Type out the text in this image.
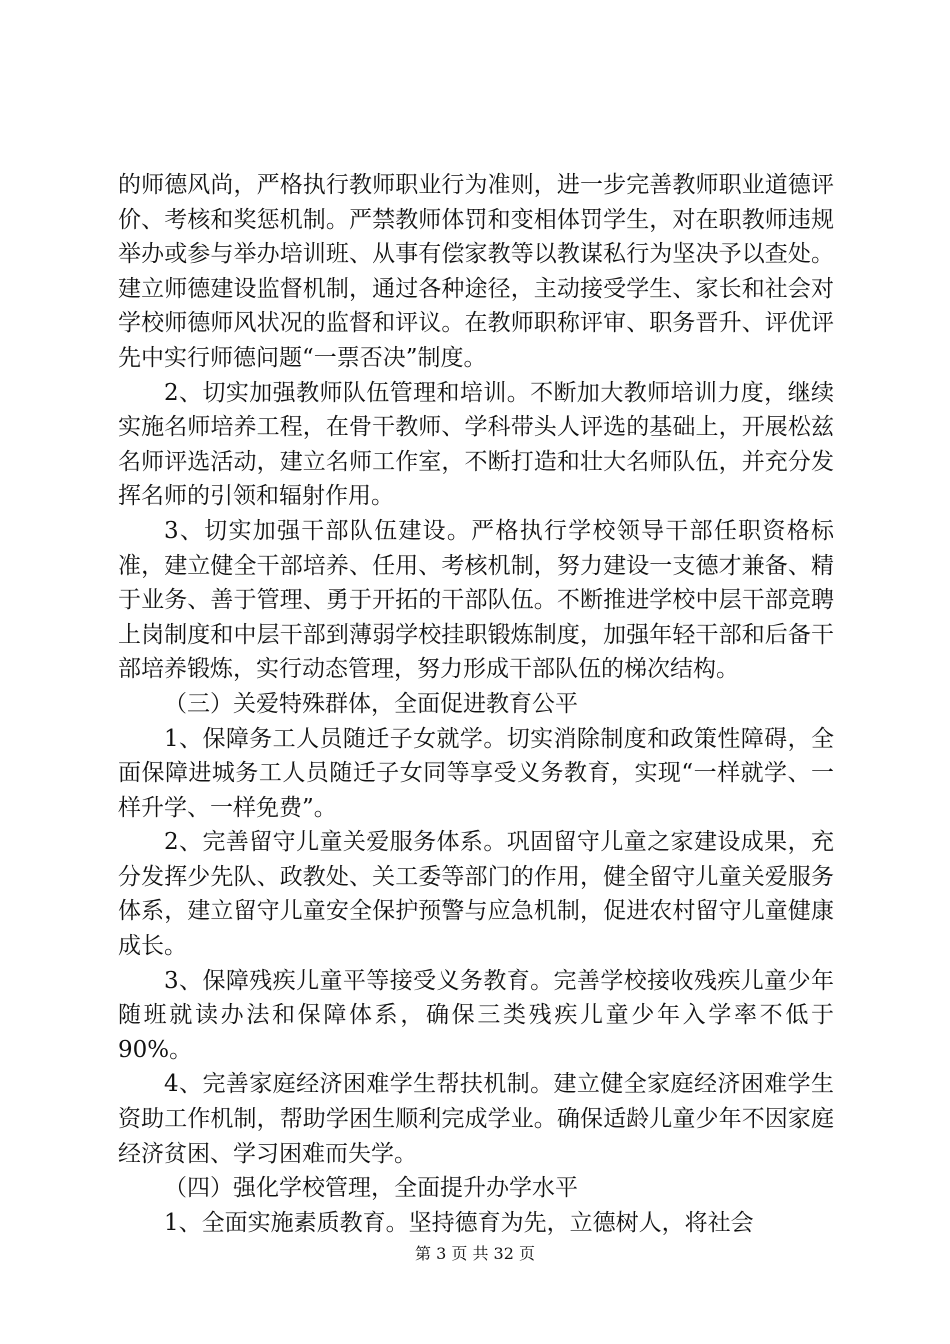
的师德风尚，严格执行教师职业行为准则，进一步完善教师职业道德评价、考核和奖惩机制。严禁教师体罚和变相体罚学生，对在职教师违规举办或参与举办培训班、从事有偿家教等以教谋私行为坚决予以查处。建立师德建设监督机制，通过各种途径，主动接受学生、家长和社会对学校师德师风状况的监督和评议。在教师职称评审、职务晋升、评优评先中实行师德问题“一票否决”制度。

2、切实加强教师队伍管理和培训。不断加大教师培训力度，继续实施名师培养工程，在骨干教师、学科带头人评选的基础上，开展松兹名师评选活动，建立名师工作室，不断打造和壮大名师队伍，并充分发挥名师的引领和辐射作用。

3、切实加强干部队伍建设。严格执行学校领导干部任职资格标准，建立健全干部培养、任用、考核机制，努力建设一支德才兼备、精于业务、善于管理、勇于开拓的干部队伍。不断推进学校中层干部竞聘上岗制度和中层干部到薄弱学校挂职锻炼制度，加强年轻干部和后备干部培养锻炼，实行动态管理，努力形成干部队伍的梯次结构。

（三）关爱特殊群体，全面促进教育公平

1、保障务工人员随迁子女就学。切实消除制度和政策性障碍，全面保障进城务工人员随迁子女同等享受义务教育，实现“一样就学、一样升学、一样免费”。

2、完善留守儿童关爱服务体系。巩固留守儿童之家建设成果，充分发挥少先队、政教处、关工委等部门的作用，健全留守儿童关爱服务体系，建立留守儿童安全保护预警与应急机制，促进农村留守儿童健康成长。

3、保障残疾儿童平等接受义务教育。完善学校接收残疾儿童少年随班就读办法和保障体系，确保三类残疾儿童少年入学率不低于90%。

4、完善家庭经济困难学生帮扶机制。建立健全家庭经济困难学生资助工作机制，帮助学困生顺利完成学业。确保适龄儿童少年不因家庭经济贫困、学习困难而失学。

（四）强化学校管理，全面提升办学水平

1、全面实施素质教育。坚持德育为先，立德树人，将社会

第 3 页 共 32 页
